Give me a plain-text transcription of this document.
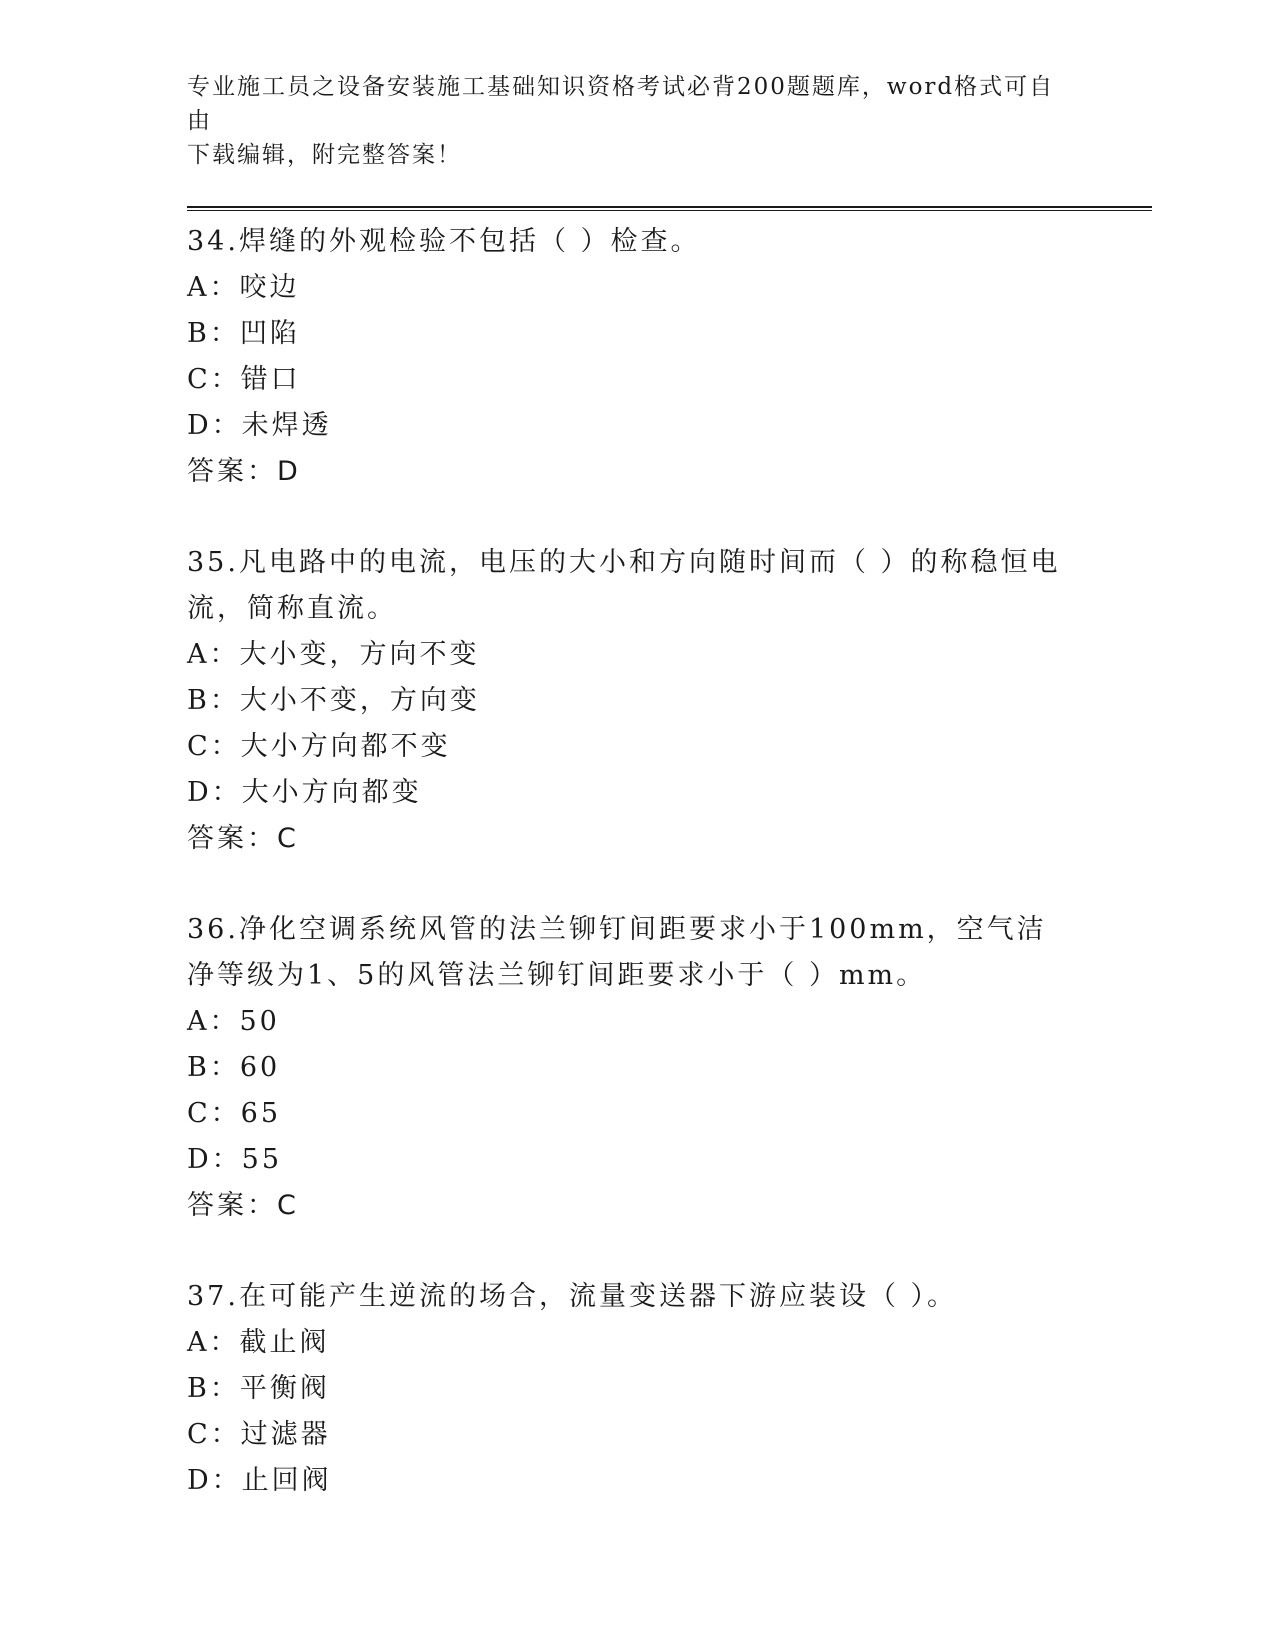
专业施工员之设备安装施工基础知识资格考试必背200题题库，word格式可自由
下载编辑，附完整答案！
34.焊缝的外观检验不包括（ ）检查。
A：咬边
B：凹陷
C：错口
D：未焊透
答案：D
35.凡电路中的电流，电压的大小和方向随时间而（ ）的称稳恒电流，简称直流。
A：大小变，方向不变
B：大小不变，方向变
C：大小方向都不变
D：大小方向都变
答案：C
36.净化空调系统风管的法兰铆钉间距要求小于100mm，空气洁净等级为1、5的风管法兰铆钉间距要求小于（ ）mm。
A：50
B：60
C：65
D：55
答案：C
37.在可能产生逆流的场合，流量变送器下游应装设（ ）。
A：截止阀
B：平衡阀
C：过滤器
D：止回阀
